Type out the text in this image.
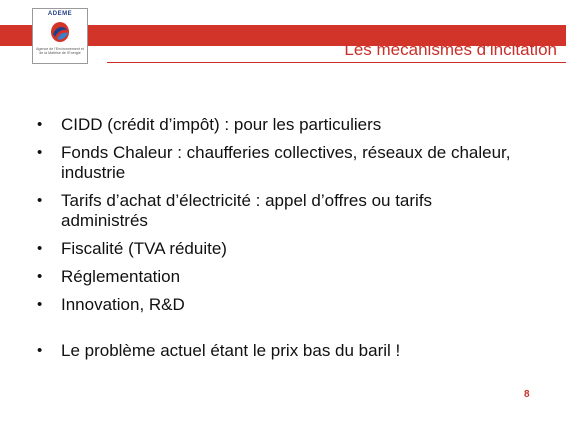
ADEME
Agence de l'Environnement et de la Maîtrise de l'Energie	Les mécanismes d’incitation
• CIDD (crédit d’impôt) : pour les particuliers
• Fonds Chaleur : chaufferies collectives, réseaux de chaleur, industrie
• Tarifs d’achat d’électricité : appel d’offres ou tarifs administrés
• Fiscalité (TVA réduite)
• Réglementation
• Innovation, R&D
• Le problème actuel étant le prix bas du baril !
8
